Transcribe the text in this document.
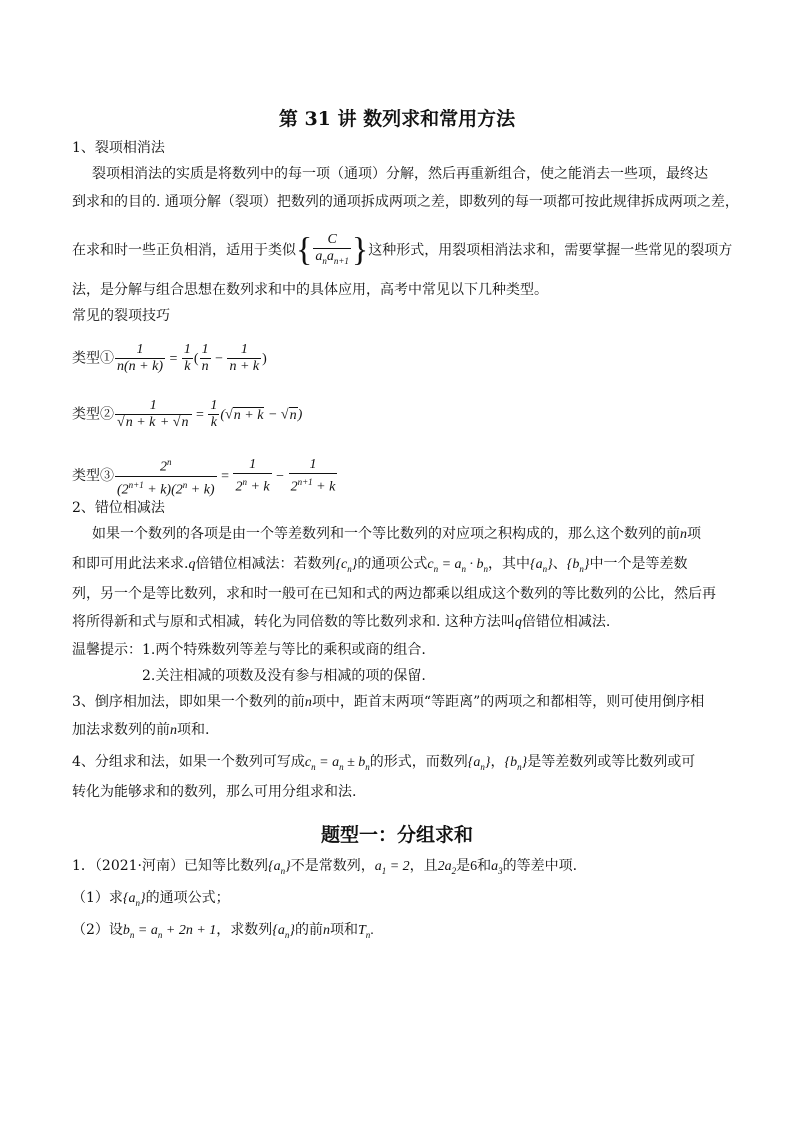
第 31 讲 数列求和常用方法
1、裂项相消法
裂项相消法的实质是将数列中的每一项（通项）分解，然后再重新组合，使之能消去一些项，最终达
到求和的目的. 通项分解（裂项）把数列的通项拆成两项之差，即数列的每一项都可按此规律拆成两项之差，
在求和时一些正负相消，适用于类似{ $\frac{C}{a_na_{n+1}}$ }这种形式，用裂项相消法求和，需要掌握一些常见的裂项方
法，是分解与组合思想在数列求和中的具体应用，高考中常见以下几种类型。
常见的裂项技巧
类型① $\frac{1}{n(n + k)} = \frac{1}{k}$ ( $\frac{1}{n} - \frac{1}{n + k}$ )
类型② $\frac{1}{√n + k + √n} = \frac{1}{k} (√n + k - √n)$
类型③ $\frac{2^n}{(2^{n+1} + k)(2^n + k)} = \frac{1}{2^n + k} - \frac{1}{2^{n+1} + k}$
2、错位相减法
如果一个数列的各项是由一个等差数列和一个等比数列的对应项之积构成的，那么这个数列的前n项
和即可用此法来求.q倍错位相减法：若数列$\{c_n\}$的通项公式$c_n = a_n \cdot b_n$，其中$\{a_n\}$、$\{b_n\}$中一个是等差数
列，另一个是等比数列，求和时一般可在已知和式的两边都乘以组成这个数列的等比数列的公比，然后再
将所得新和式与原和式相减，转化为同倍数的等比数列求和. 这种方法叫q倍错位相减法.
温馨提示：1.两个特殊数列等差与等比的乘积或商的组合.
2.关注相减的项数及没有参与相减的项的保留.
3、倒序相加法，即如果一个数列的前n项中，距首末两项“等距离”的两项之和都相等，则可使用倒序相
加法求数列的前n项和.
4、分组求和法，如果一个数列可写成$c_n = a_n \pm b_n$的形式，而数列$\{a_n\}$，$\{b_n\}$是等差数列或等比数列或可
转化为能够求和的数列，那么可用分组求和法.
题型一：分组求和
1．（2021·河南）已知等比数列$\{a_n\}$不是常数列，$a_1 = 2$，且$2a_2$是6和$a_3$的等差中项.
（1）求$\{a_n\}$的通项公式；
（2）设$b_n = a_n + 2n + 1$，求数列$\{a_n\}$的前n项和$T_n$.
